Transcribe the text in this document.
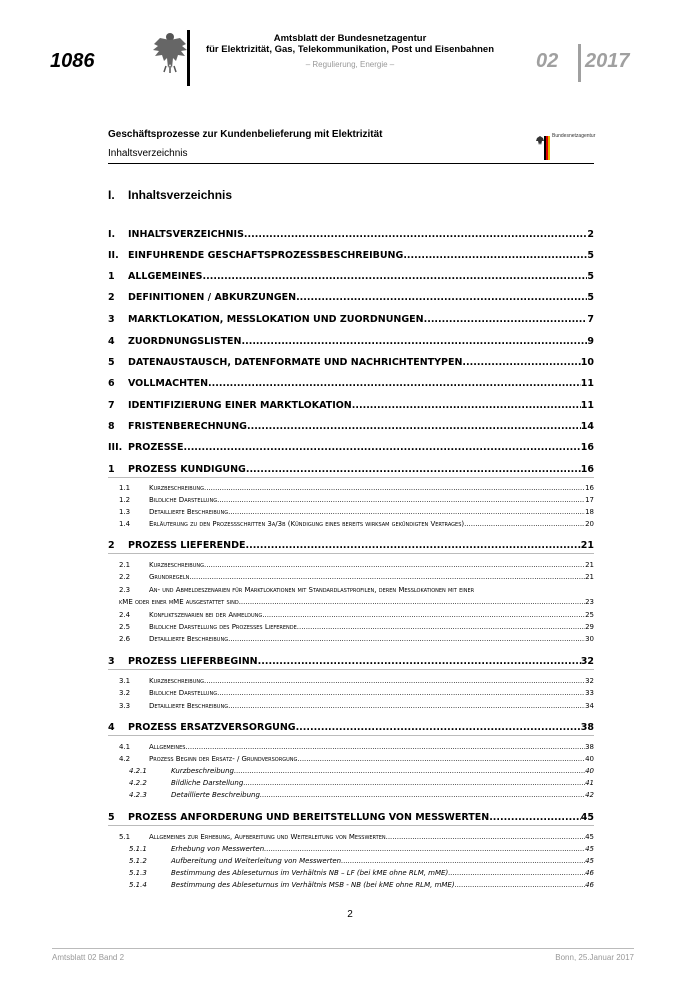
1086
Amtsblatt der Bundesnetzagentur
für Elektrizität, Gas, Telekommunikation, Post und Eisenbahnen
– Regulierung, Energie –	02 2017
Geschäftsprozesse zur Kundenbelieferung mit Elektrizität
Inhaltsverzeichnis
Bundesnetzagentur
I. Inhaltsverzeichnis
I.	INHALTSVERZEICHNIS .....	2
II. EINFÜHRENDE GESCHÄFTSPROZESSBESCHREIBUNG .....	5
1	ALLGEMEINES .....	5
2	DEFINITIONEN / ABKÜRZUNGEN .....	5
3	MARKTLOKATION, MESSLOKATION UND ZUORDNUNGEN .....	7
4	ZUORDNUNGSLISTEN .....	9
5	DATENAUSTAUSCH, DATENFORMATE UND NACHRICHTENTYPEN .....	10
6	VOLLMACHTEN .....	11
7	IDENTIFIZIERUNG EINER MARKTLOKATION .....	11
8	FRISTENBERECHNUNG .....	14
III. PROZESSE .....	16
1	PROZESS KÜNDIGUNG .....	16
1.1	Kurzbeschreibung .....	16
1.2	Bildliche Darstellung .....	17
1.3	Detaillierte Beschreibung .....	18
1.4	Erläuterung zu den Prozessschritten 3a/3b (Kündigung eines bereits wirksam gekündigten Vertrages) .....	20
2	PROZESS LIEFERENDE .....	21
2.1	Kurzbeschreibung .....	21
2.2	Grundregeln .....	21
2.3	An- und Abmeldeszenarien für Marktlokationen mit Standardlastprofilen, deren Messlokationen mit einer
kME oder einer mME ausgestattet sind .....	23
2.4	Konfliktszenarien bei der Anmeldung .....	25
2.5	Bildliche Darstellung des Prozesses Lieferende .....	29
2.6	Detaillierte Beschreibung .....	30
3	PROZESS LIEFERBEGINN .....	32
3.1	Kurzbeschreibung .....	32
3.2	Bildliche Darstellung .....	33
3.3	Detaillierte Beschreibung .....	34
4	PROZESS ERSATZVERSORGUNG .....	38
4.1	Allgemeines .....	38
4.2	Prozess Beginn der Ersatz- / Grundversorgung .....	40
4.2.1	Kurzbeschreibung .....	40
4.2.2	Bildliche Darstellung .....	41
4.2.3	Detaillierte Beschreibung .....	42
5	PROZESS ANFORDERUNG UND BEREITSTELLUNG VON MESSWERTEN .....	45
5.1	Allgemeines zur Erhebung, Aufbereitung und Weiterleitung von Messwerten .....	45
5.1.1	Erhebung von Messwerten .....	45
5.1.2	Aufbereitung und Weiterleitung von Messwerten .....	45
5.1.3	Bestimmung des Ableseturnus im Verhältnis NB – LF (bei kME ohne RLM, mME) .....	46
5.1.4	Bestimmung des Ableseturnus im Verhältnis MSB - NB (bei kME ohne RLM, mME) .....	46
2
Amtsblatt 02 Band 2	Bonn, 25.Januar 2017
